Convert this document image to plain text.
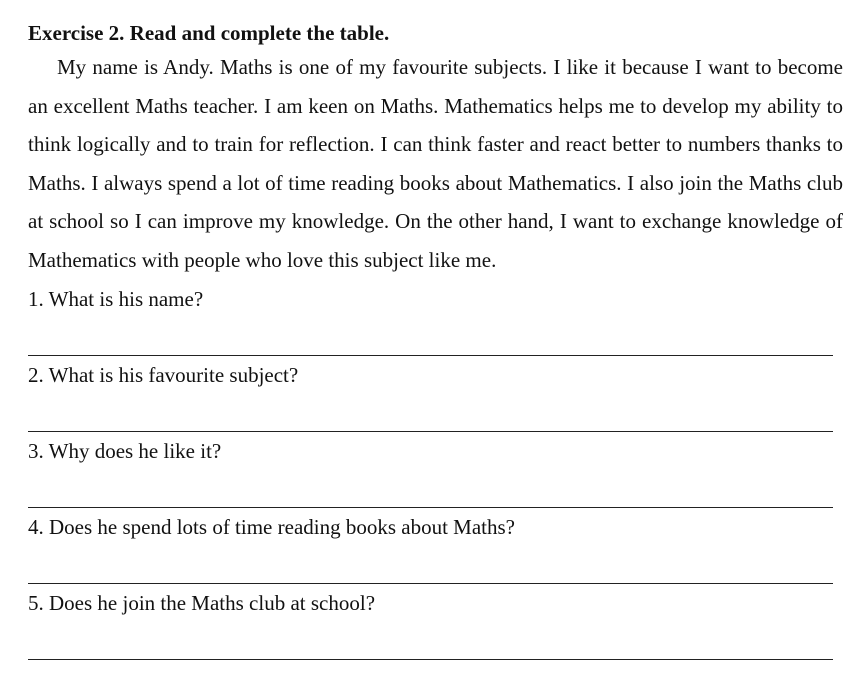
Exercise 2. Read and complete the table.

My name is Andy. Maths is one of my favourite subjects. I like it because I want to become an excellent Maths teacher. I am keen on Maths. Mathematics helps me to develop my ability to think logically and to train for reflection. I can think faster and react better to numbers thanks to Maths. I always spend a lot of time reading books about Mathematics. I also join the Maths club at school so I can improve my knowledge. On the other hand, I want to exchange knowledge of Mathematics with people who love this subject like me.

1. What is his name?
2. What is his favourite subject?
3. Why does he like it?
4. Does he spend lots of time reading books about Maths?
5. Does he join the Maths club at school?
